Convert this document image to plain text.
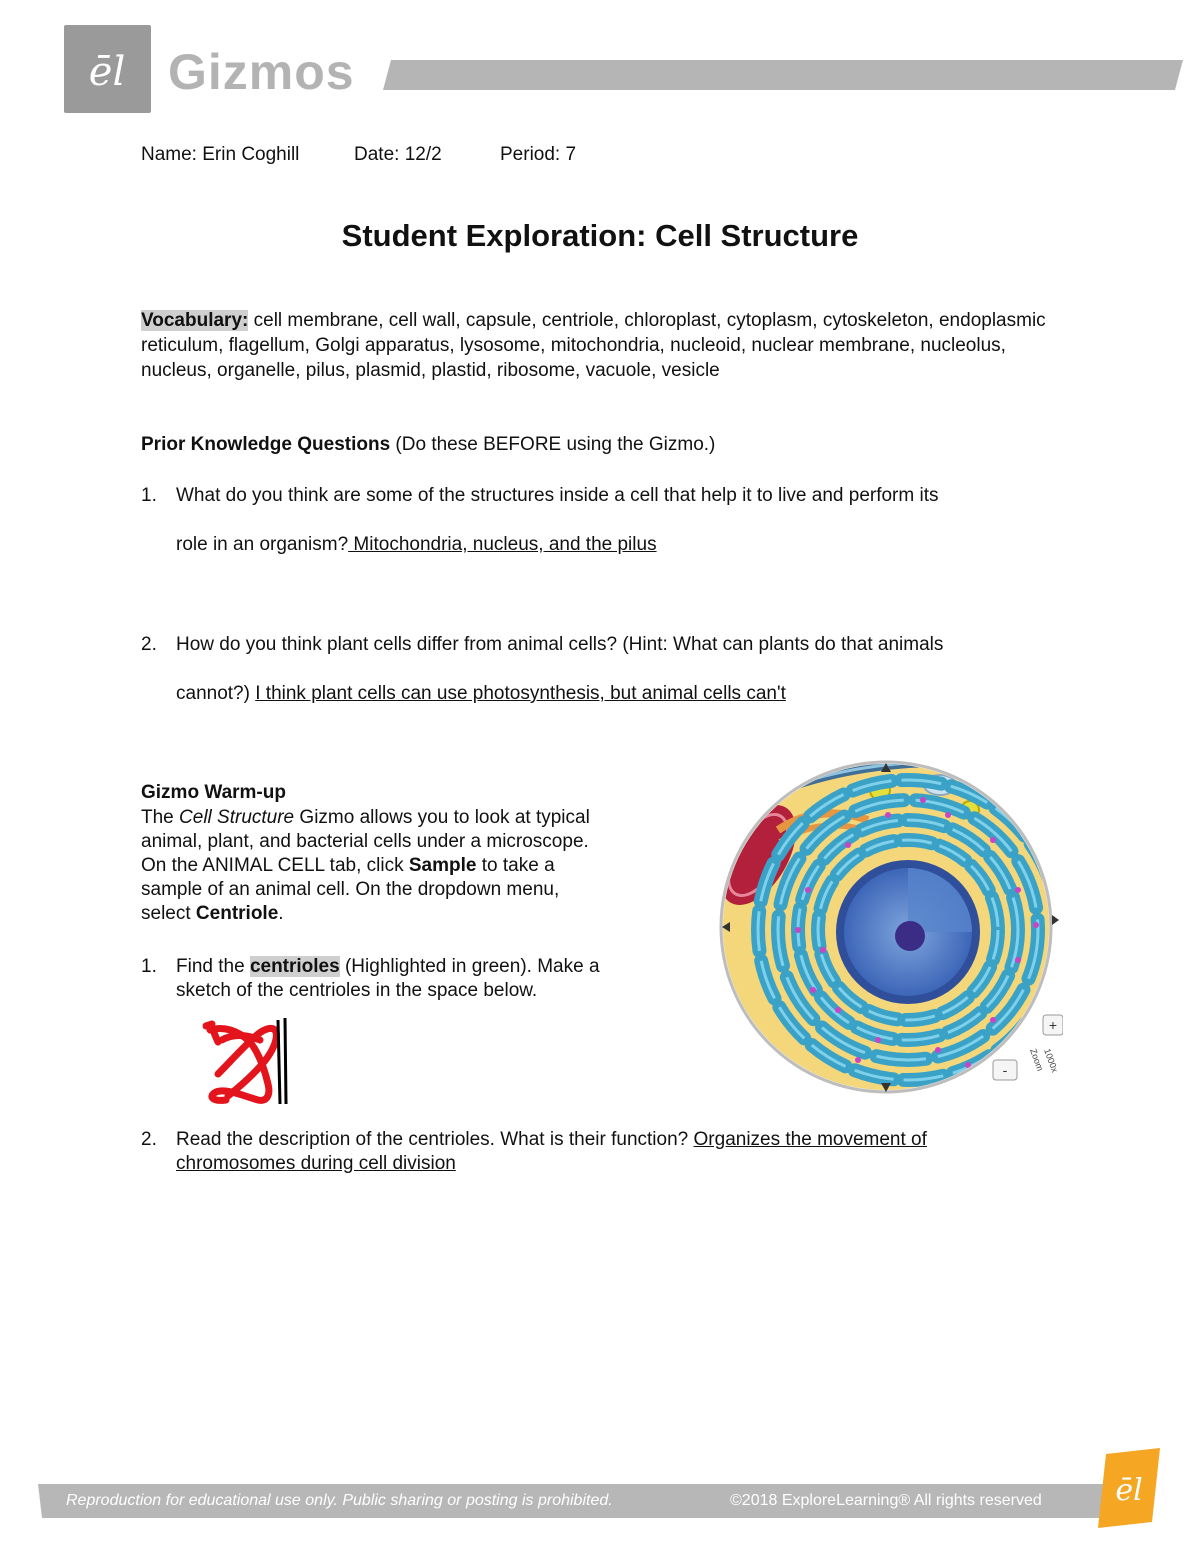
ēl Gizmos
Name: Erin Coghill	Date: 12/2	Period: 7
Student Exploration: Cell Structure
Vocabulary: cell membrane, cell wall, capsule, centriole, chloroplast, cytoplasm, cytoskeleton, endoplasmic reticulum, flagellum, Golgi apparatus, lysosome, mitochondria, nucleoid, nuclear membrane, nucleolus, nucleus, organelle, pilus, plasmid, plastid, ribosome, vacuole, vesicle
Prior Knowledge Questions (Do these BEFORE using the Gizmo.)
1. What do you think are some of the structures inside a cell that help it to live and perform its
role in an organism? Mitochondria, nucleus, and the pilus
2. How do you think plant cells differ from animal cells? (Hint: What can plants do that animals
cannot?) I think plant cells can use photosynthesis, but animal cells can't
Gizmo Warm-up
The Cell Structure Gizmo allows you to look at typical
animal, plant, and bacterial cells under a microscope.
On the ANIMAL CELL tab, click Sample to take a
sample of an animal cell. On the dropdown menu,
select Centriole.
1. Find the centrioles (Highlighted in green). Make a
sketch of the centrioles in the space below.
2. Read the description of the centrioles. What is their function? Organizes the movement of
chromosomes during cell division
-
+
Zoom
1000x
Reproduction for educational use only. Public sharing or posting is prohibited.	©2018 ExploreLearning® All rights reserved ēl
